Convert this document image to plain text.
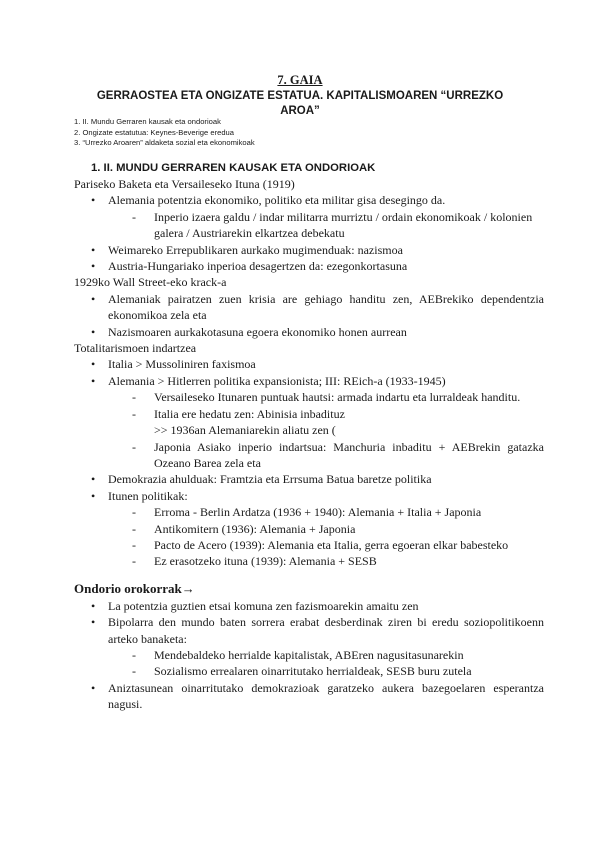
7. GAIA
GERRAOSTEA ETA ONGIZATE ESTATUA. KAPITALISMOAREN “URREZKO
AROA”
1. II. Mundu Gerraren kausak eta ondorioak
2. Ongizate estatutua: Keynes-Beverige eredua
3. “Urrezko Aroaren” aldaketa sozial eta ekonomikoak
1. II. MUNDU GERRAREN KAUSAK ETA ONDORIOAK
Pariseko Baketa eta Versaileseko Ituna (1919)
• Alemania potentzia ekonomiko, politiko eta militar gisa desegingo da.
- Inperio izaera galdu / indar militarra murriztu / ordain ekonomikoak / kolonien galera / Austriarekin elkartzea debekatu
• Weimareko Errepublikaren aurkako mugimenduak: nazismoa
• Austria-Hungariako inperioa desagertzen da: ezegonkortasuna
1929ko Wall Street-eko krack-a
• Alemaniak pairatzen zuen krisia are gehiago handitu zen, AEBrekiko dependentzia ekonomikoa zela eta
• Nazismoaren aurkakotasuna egoera ekonomiko honen aurrean
Totalitarismoen indartzea
• Italia > Mussoliniren faxismoa
• Alemania > Hitlerren politika expansionista; III: REich-a (1933-1945)
- Versaileseko Itunaren puntuak hautsi: armada indartu eta lurraldeak handitu.
- Italia ere hedatu zen: Abinisia inbadituz
>> 1936an Alemaniarekin aliatu zen (
- Japonia Asiako inperio indartsua: Manchuria inbaditu + AEBrekin gatazka Ozeano Barea zela eta
• Demokrazia ahulduak: Framtzia eta Errsuma Batua baretze politika
• Itunen politikak:
- Erroma - Berlin Ardatza (1936 + 1940): Alemania + Italia + Japonia
- Antikomitern (1936): Alemania + Japonia
- Pacto de Acero (1939): Alemania eta Italia, gerra egoeran elkar babesteko
- Ez erasotzeko ituna (1939): Alemania + SESB
Ondorio orokorrak→
• La potentzia guztien etsai komuna zen fazismoarekin amaitu zen
• Bipolarra den mundo baten sorrera erabat desberdinak ziren bi eredu soziopolitikoenn arteko banaketa:
- Mendebaldeko herrialde kapitalistak, ABEren nagusitasunarekin
- Sozialismo errealaren oinarritutako herrialdeak, SESB buru zutela
• Aniztasunean oinarritutako demokrazioak garatzeko aukera bazegoelaren esperantza nagusi.
